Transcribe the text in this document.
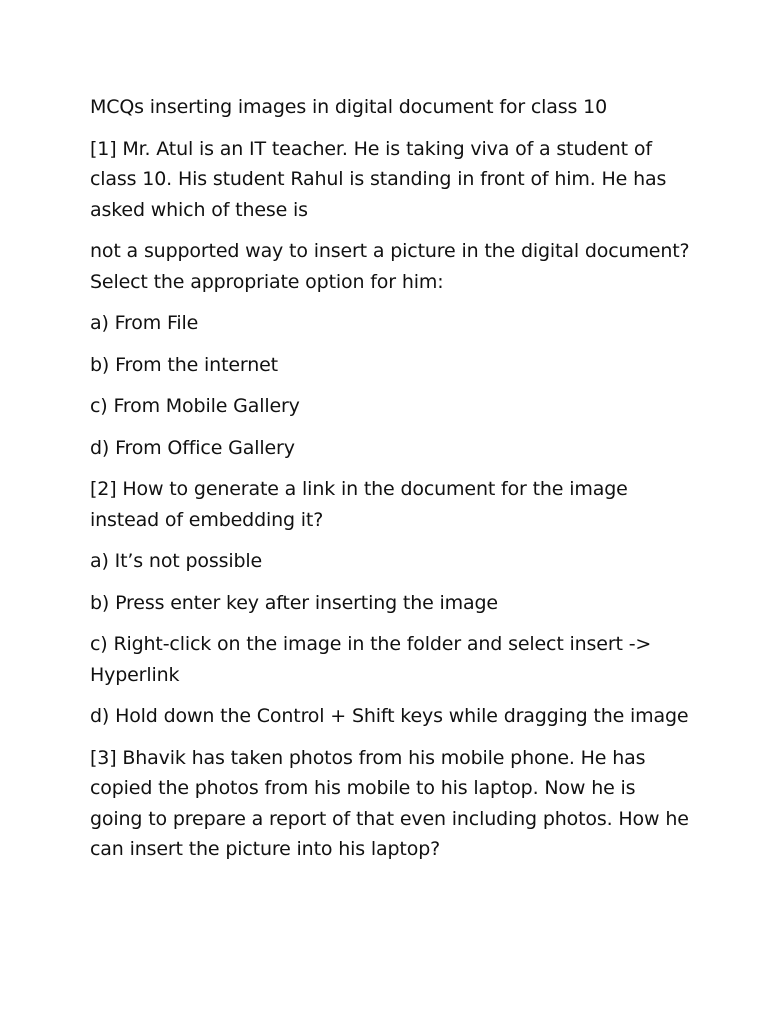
MCQs inserting images in digital document for class 10

[1] Mr. Atul is an IT teacher. He is taking viva of a student of class 10. His student Rahul is standing in front of him. He has asked which of these is

not a supported way to insert a picture in the digital document? Select the appropriate option for him:

a) From File

b) From the internet

c) From Mobile Gallery

d) From Office Gallery

[2] How to generate a link in the document for the image instead of embedding it?

a) It’s not possible

b) Press enter key after inserting the image

c) Right-click on the image in the folder and select insert -> Hyperlink

d) Hold down the Control + Shift keys while dragging the image

[3] Bhavik has taken photos from his mobile phone. He has copied the photos from his mobile to his laptop. Now he is going to prepare a report of that even including photos. How he can insert the picture into his laptop?
